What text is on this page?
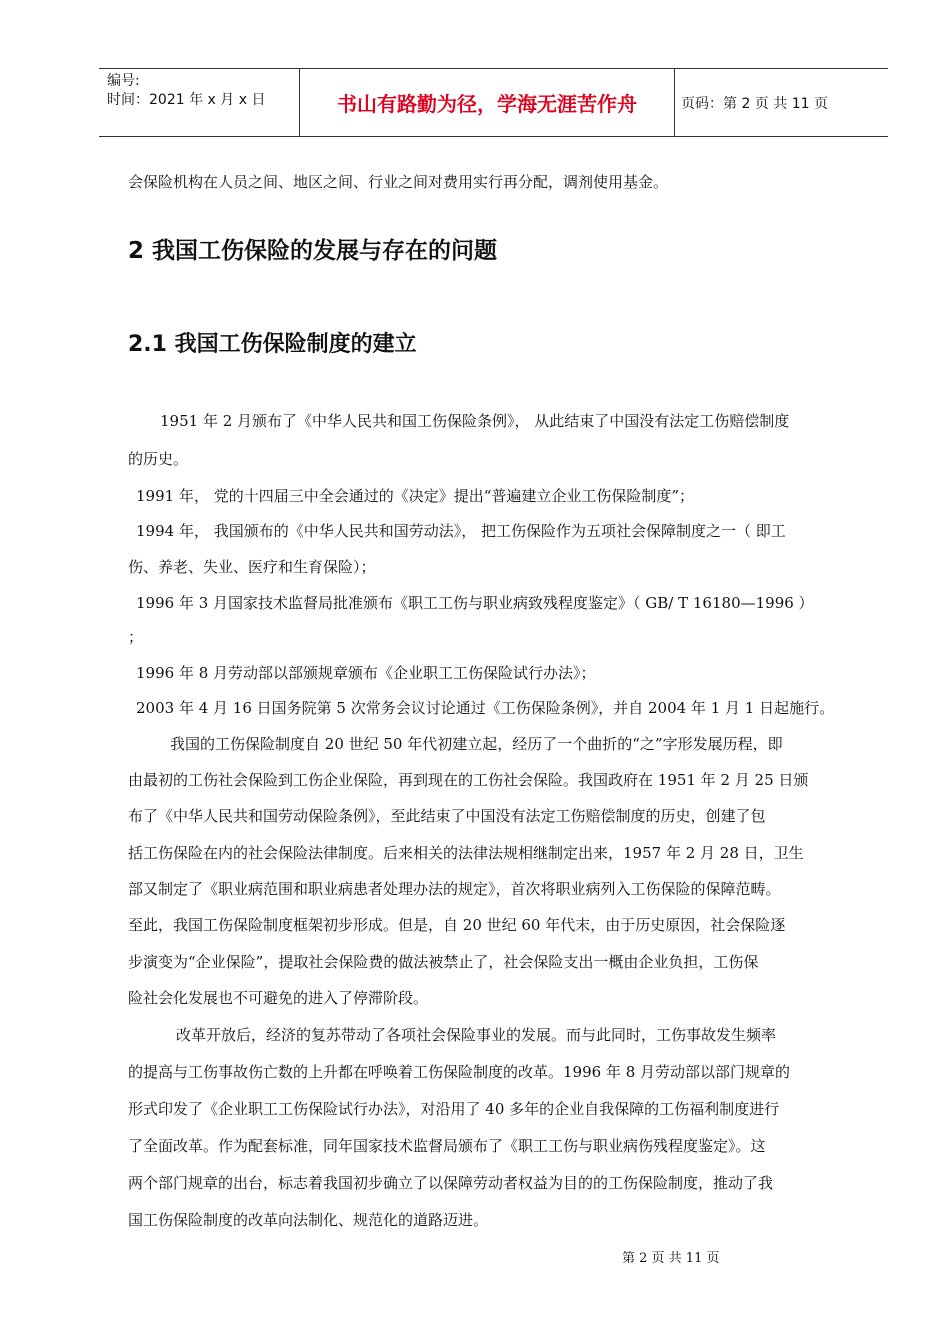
编号:
时间：2021 年 x 月 x 日	书山有路勤为径，学海无涯苦作舟	页码：第 2 页 共 11 页
会保险机构在人员之间、地区之间、行业之间对费用实行再分配，调剂使用基金。
2 我国工伤保险的发展与存在的问题
2.1 我国工伤保险制度的建立
1951 年 2 月颁布了《中华人民共和国工伤保险条例》， 从此结束了中国没有法定工伤赔偿制度
的历史。
1991 年， 党的十四届三中全会通过的《决定》提出“普遍建立企业工伤保险制度”；
1994 年， 我国颁布的《中华人民共和国劳动法》， 把工伤保险作为五项社会保障制度之一（ 即工
伤、养老、失业、医疗和生育保险）；
1996 年 3 月国家技术监督局批准颁布《职工工伤与职业病致残程度鉴定》（ GB/ T 16180—1996 ）
；
1996 年 8 月劳动部以部颁规章颁布《企业职工工伤保险试行办法》；
2003 年 4 月 16 日国务院第 5 次常务会议讨论通过《工伤保险条例》，并自 2004 年 1 月 1 日起施行。
我国的工伤保险制度自 20 世纪 50 年代初建立起，经历了一个曲折的“之”字形发展历程，即
由最初的工伤社会保险到工伤企业保险，再到现在的工伤社会保险。我国政府在 1951 年 2 月 25 日颁
布了《中华人民共和国劳动保险条例》，至此结束了中国没有法定工伤赔偿制度的历史，创建了包
括工伤保险在内的社会保险法律制度。后来相关的法律法规相继制定出来，1957 年 2 月 28 日，卫生
部又制定了《职业病范围和职业病患者处理办法的规定》，首次将职业病列入工伤保险的保障范畴。
至此，我国工伤保险制度框架初步形成。但是，自 20 世纪 60 年代末，由于历史原因，社会保险逐
步演变为“企业保险”，提取社会保险费的做法被禁止了，社会保险支出一概由企业负担，工伤保
险社会化发展也不可避免的进入了停滞阶段。
改革开放后，经济的复苏带动了各项社会保险事业的发展。而与此同时，工伤事故发生频率
的提高与工伤事故伤亡数的上升都在呼唤着工伤保险制度的改革。1996 年 8 月劳动部以部门规章的
形式印发了《企业职工工伤保险试行办法》，对沿用了 40 多年的企业自我保障的工伤福利制度进行
了全面改革。作为配套标准，同年国家技术监督局颁布了《职工工伤与职业病伤残程度鉴定》。这
两个部门规章的出台，标志着我国初步确立了以保障劳动者权益为目的的工伤保险制度，推动了我
国工伤保险制度的改革向法制化、规范化的道路迈进。
第 2 页 共 11 页
